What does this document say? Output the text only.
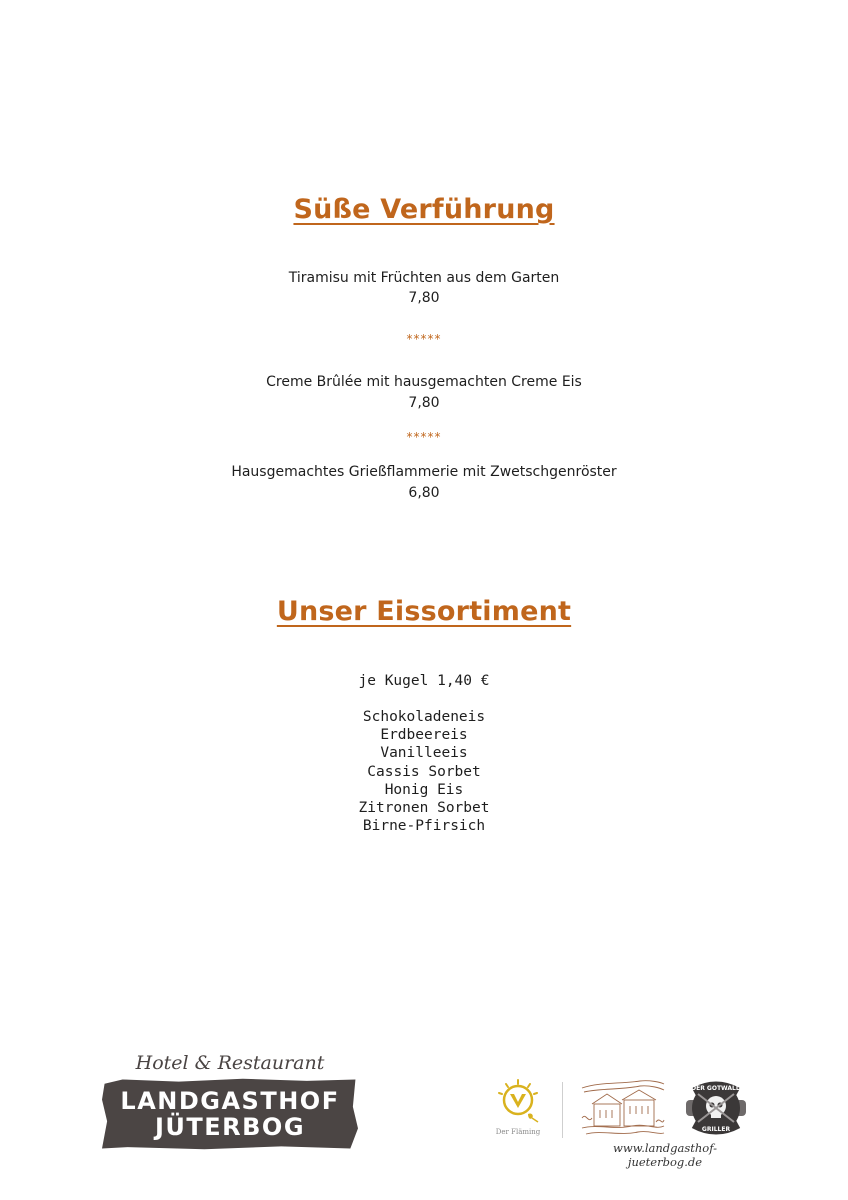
Süße Verführung
Tiramisu mit Früchten aus dem Garten
7,80
*****
Creme Brûlée mit hausgemachten Creme Eis
7,80
*****
Hausgemachtes Grießflammerie mit Zwetschgenröster
6,80
Unser Eissortiment
je Kugel 1,40 €
Schokoladeneis
Erdbeereis
Vanilleeis
Cassis Sorbet
Honig Eis
Zitronen Sorbet
Birne-Pfirsich
Hotel & Restaurant
LANDGASTHOF
JÜTERBOG	Der Fläming
DER GOTWALD
GRILLER
www.landgasthof-jueterbog.de
